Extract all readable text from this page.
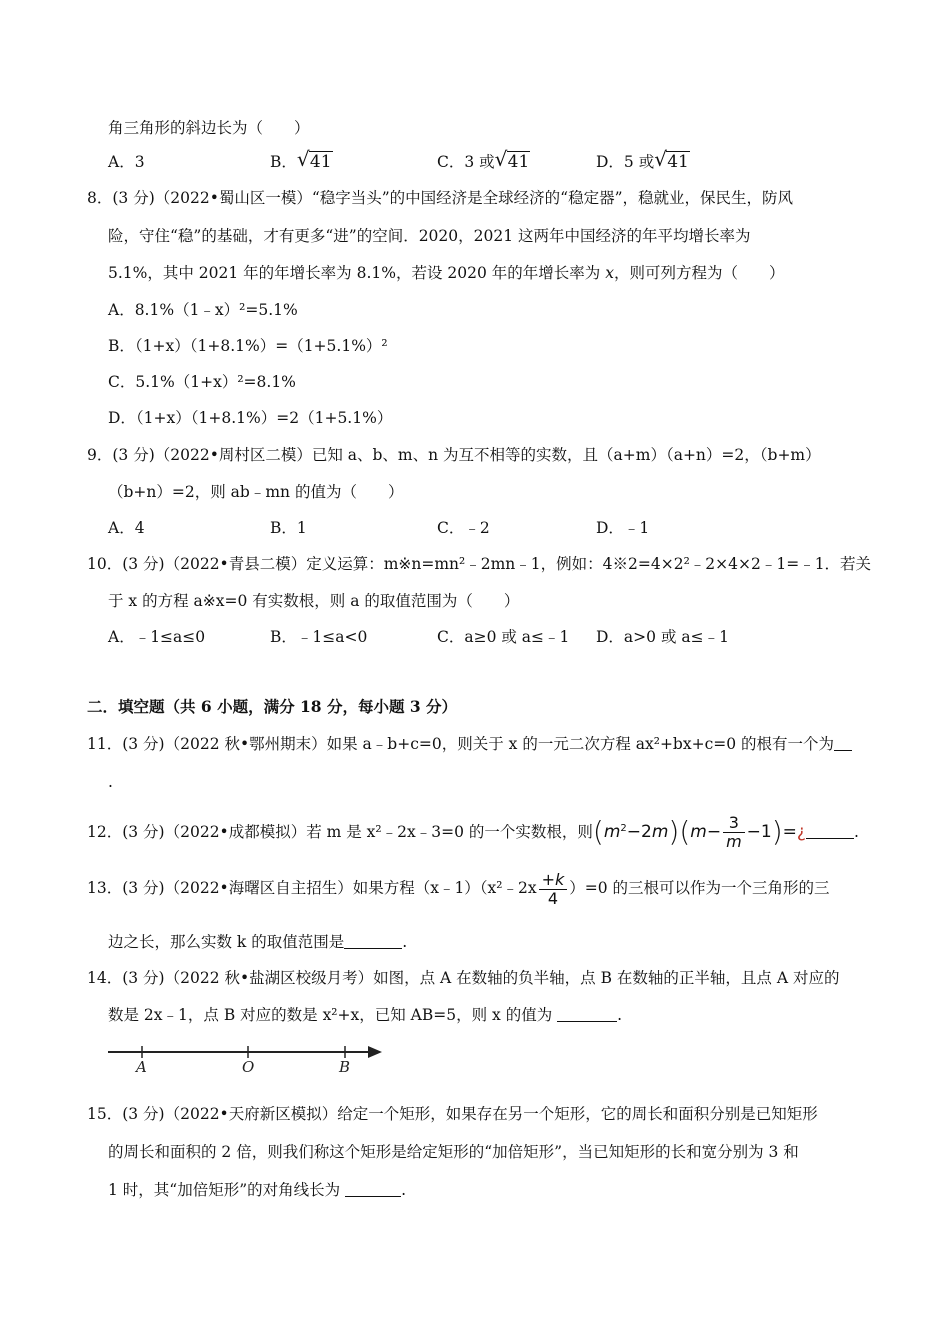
角三角形的斜边长为（　　）
A．3	B． √ 41	C．3 或 √ 41	D．5 或 √ 41
8．(3 分)（2022•蜀山区一模）“稳字当头”的中国经济是全球经济的“稳定器”，稳就业，保民生，防风
险，守住“稳”的基础，才有更多“进”的空间．2020，2021 这两年中国经济的年平均增长率为
5.1%，其中 2021 年的年增长率为 8.1%，若设 2020 年的年增长率为 x，则可列方程为（　　）
A．8.1%（1﹣x）²=5.1%
B．（1+x）（1+8.1%）=（1+5.1%）²
C．5.1%（1+x）²=8.1%
D．（1+x）（1+8.1%）=2（1+5.1%）
9．(3 分)（2022•周村区二模）已知 a、b、m、n 为互不相等的实数，且（a+m）（a+n）=2，（b+m）
（b+n）=2，则 ab﹣mn 的值为（　　）
A．4	B．1	C．﹣2	D．﹣1
10．(3 分)（2022•青县二模）定义运算：m※n=mn²﹣2mn﹣1，例如：4※2=4×2²﹣2×4×2﹣1=﹣1．若关
于 x 的方程 a※x=0 有实数根，则 a 的取值范围为（　　）
A．﹣1≤a≤0	B．﹣1≤a<0	C．a≥0 或 a≤﹣1 D．a>0 或 a≤﹣1
二．填空题（共 6 小题，满分 18 分，每小题 3 分）
11．(3 分)（2022 秋•鄂州期末）如果 a﹣b+c=0，则关于 x 的一元二次方程 ax²+bx+c=0 的根有一个为
.
12．(3 分)（2022•成都模拟）若 m 是 x²﹣2x﹣3=0 的一个实数根，则$(m^2-2m)(m- \frac{3}{m}$ −1)=¿	.
13．(3 分)（2022•海曙区自主招生）如果方程（x﹣1）（x²﹣2x $\frac{+k}{4} )=0$ 的三根可以作为一个三角形的三
边之长，那么实数 k 的取值范围是	.
14．(3 分)（2022 秋•盐湖区校级月考）如图，点 A 在数轴的负半轴，点 B 在数轴的正半轴，且点 A 对应的
数是 2x﹣1，点 B 对应的数是 x²+x，已知 AB=5，则 x 的值为	.
A	O	B
15．(3 分)（2022•天府新区模拟）给定一个矩形，如果存在另一个矩形，它的周长和面积分别是已知矩形
的周长和面积的 2 倍，则我们称这个矩形是给定矩形的“加倍矩形”，当已知矩形的长和宽分别为 3 和
1 时，其“加倍矩形”的对角线长为	.
